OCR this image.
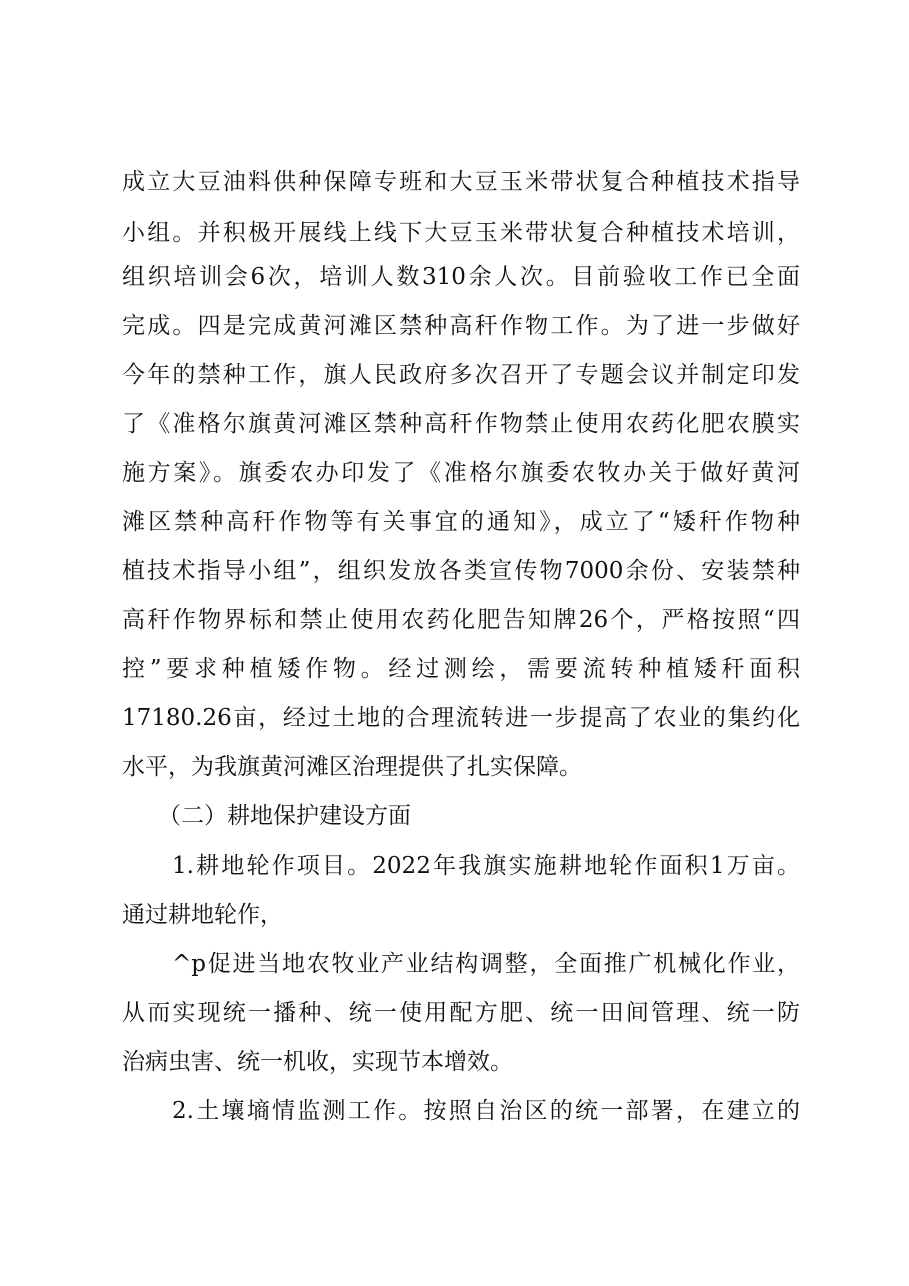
成立大豆油料供种保障专班和大豆玉米带状复合种植技术指导
小组。并积极开展线上线下大豆玉米带状复合种植技术培训，
组织培训会6次，培训人数310余人次。目前验收工作已全面
完成。四是完成黄河滩区禁种高秆作物工作。为了进一步做好
今年的禁种工作，旗人民政府多次召开了专题会议并制定印发
了《准格尔旗黄河滩区禁种高秆作物禁止使用农药化肥农膜实
施方案》。旗委农办印发了《准格尔旗委农牧办关于做好黄河
滩区禁种高秆作物等有关事宜的通知》，成立了“矮秆作物种
植技术指导小组”，组织发放各类宣传物7000余份、安装禁种
高秆作物界标和禁止使用农药化肥告知牌26个，严格按照“四
控”要求种植矮作物。经过测绘，需要流转种植矮秆面积
17180.26亩，经过土地的合理流转进一步提高了农业的集约化
水平，为我旗黄河滩区治理提供了扎实保障。
（二）耕地保护建设方面
1.耕地轮作项目。2022年我旗实施耕地轮作面积1万亩。
通过耕地轮作，
^p促进当地农牧业产业结构调整，全面推广机械化作业，
从而实现统一播种、统一使用配方肥、统一田间管理、统一防
治病虫害、统一机收，实现节本增效。
2.土壤墒情监测工作。按照自治区的统一部署，在建立的
